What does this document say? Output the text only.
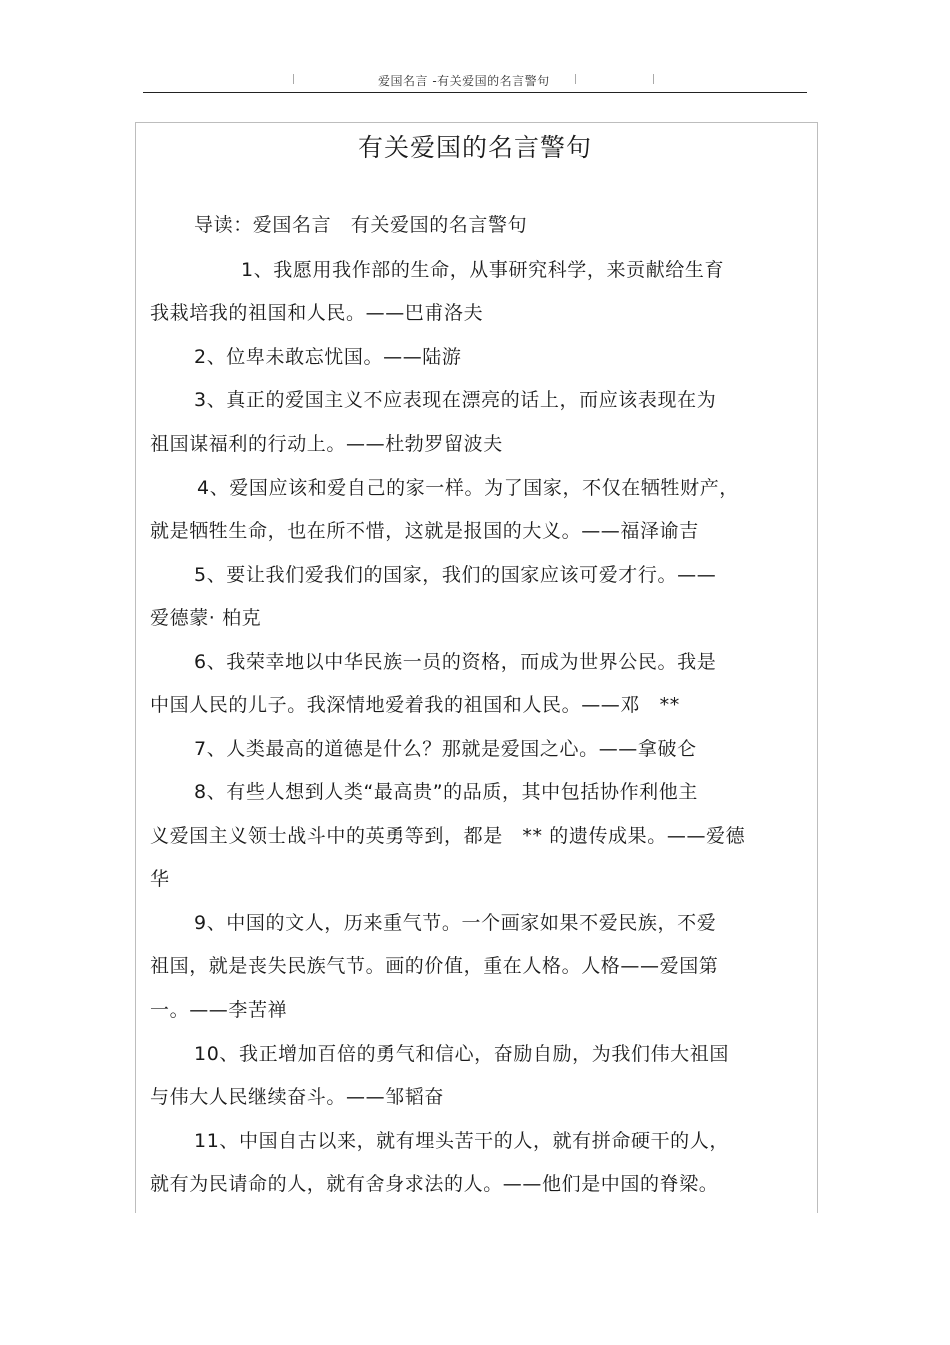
爱国名言 -有关爱国的名言警句
有关爱国的名言警句
导读：爱国名言　有关爱国的名言警句
1、我愿用我作部的生命，从事研究科学，来贡献给生育
我栽培我的祖国和人民。——巴甫洛夫
2、位卑未敢忘忧国。——陆游
3、真正的爱国主义不应表现在漂亮的话上，而应该表现在为
祖国谋福利的行动上。——杜勃罗留波夫
4、爱国应该和爱自己的家一样。为了国家，不仅在牺牲财产，
就是牺牲生命，也在所不惜，这就是报国的大义。——福泽谕吉
5、要让我们爱我们的国家，我们的国家应该可爱才行。——
爱德蒙· 柏克
6、我荣幸地以中华民族一员的资格，而成为世界公民。我是
中国人民的儿子。我深情地爱着我的祖国和人民。——邓　**
7、人类最高的道德是什么？那就是爱国之心。——拿破仑
8、有些人想到人类“最高贵”的品质，其中包括协作利他主
义爱国主义领士战斗中的英勇等到，都是　** 的遗传成果。——爱德
华
9、中国的文人，历来重气节。一个画家如果不爱民族，不爱
祖国，就是丧失民族气节。画的价值，重在人格。人格——爱国第
一。——李苦禅
10、我正增加百倍的勇气和信心，奋励自励，为我们伟大祖国
与伟大人民继续奋斗。——邹韬奋
11、中国自古以来，就有埋头苦干的人，就有拼命硬干的人，
就有为民请命的人，就有舍身求法的人。——他们是中国的脊梁。
